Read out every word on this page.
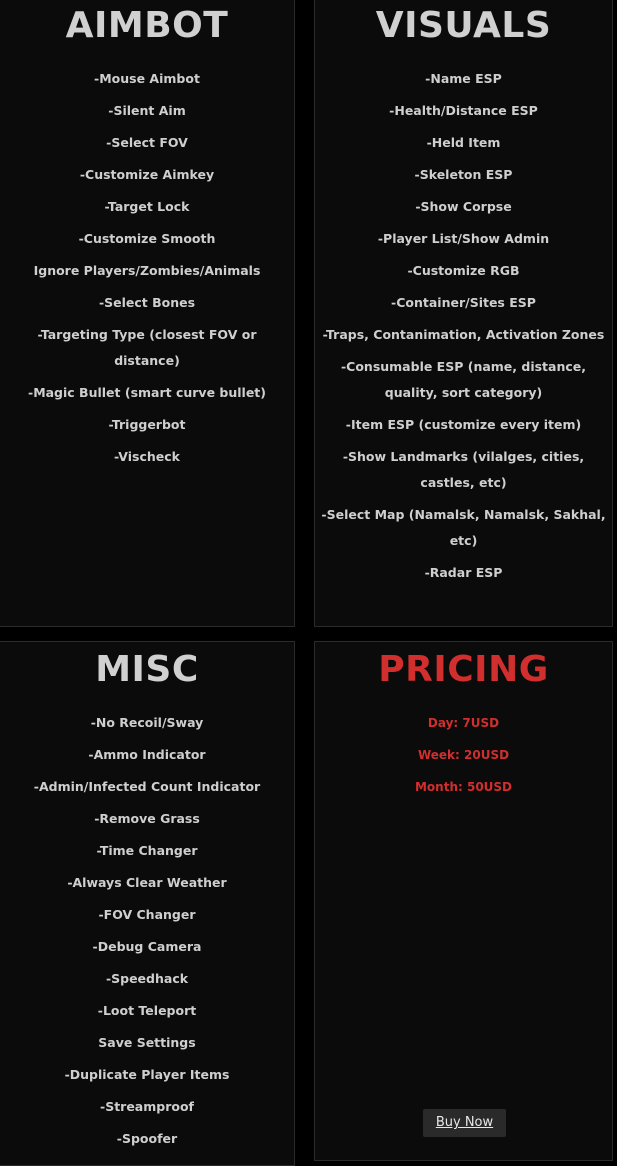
AIMBOT
-Mouse Aimbot
-Silent Aim
-Select FOV
-Customize Aimkey
-Target Lock
-Customize Smooth
Ignore Players/Zombies/Animals
-Select Bones
-Targeting Type (closest FOV or distance)
-Magic Bullet (smart curve bullet)
-Triggerbot
-Vischeck
VISUALS
-Name ESP
-Health/Distance ESP
-Held Item
-Skeleton ESP
-Show Corpse
-Player List/Show Admin
-Customize RGB
-Container/Sites ESP
-Traps, Contanimation, Activation Zones
-Consumable ESP (name, distance, quality, sort category)
-Item ESP (customize every item)
-Show Landmarks (vilalges, cities, castles, etc)
-Select Map (Namalsk, Namalsk, Sakhal, etc)
-Radar ESP
MISC
-No Recoil/Sway
-Ammo Indicator
-Admin/Infected Count Indicator
-Remove Grass
-Time Changer
-Always Clear Weather
-FOV Changer
-Debug Camera
-Speedhack
-Loot Teleport
Save Settings
-Duplicate Player Items
-Streamproof
-Spoofer
PRICING
Day: 7USD
Week: 20USD
Month: 50USD
Buy Now
